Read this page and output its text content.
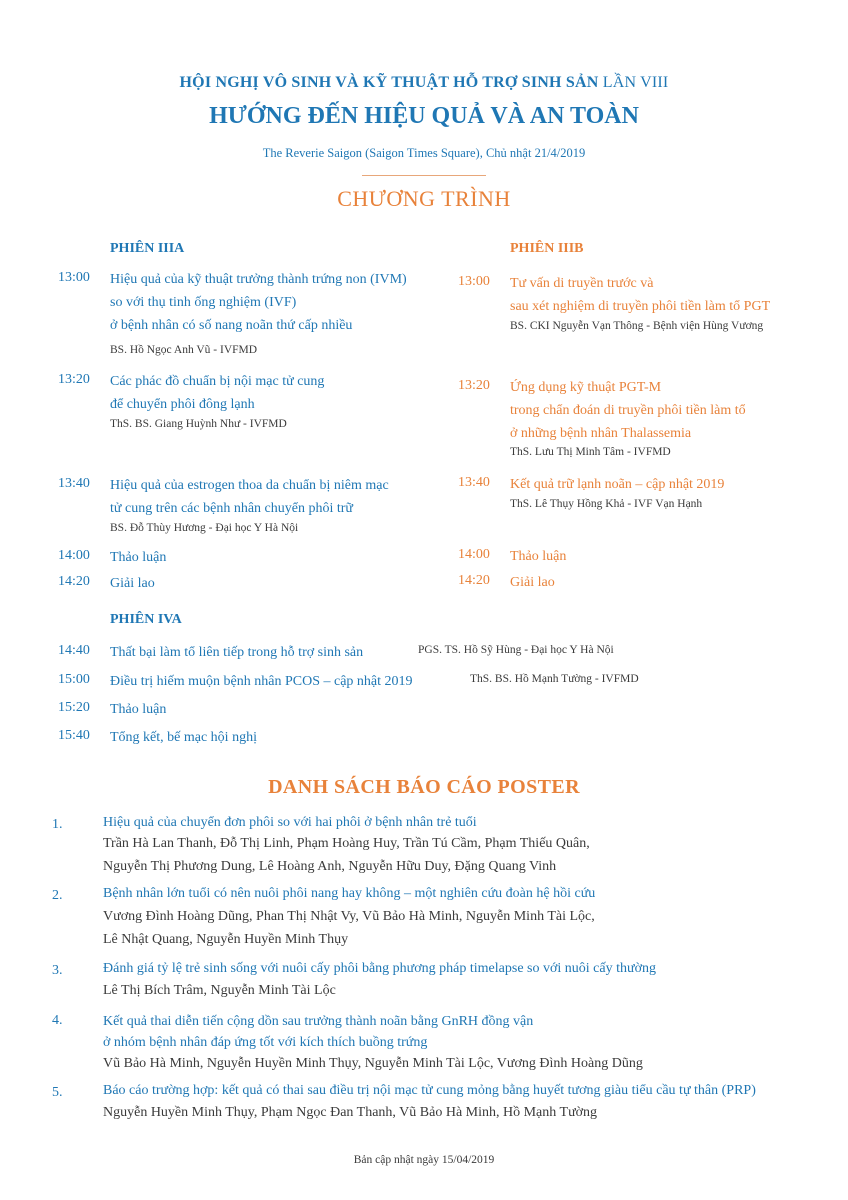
HỘI NGHỊ VÔ SINH VÀ KỸ THUẬT HỖ TRỢ SINH SẢN LẦN VIII
HƯỚNG ĐẾN HIỆU QUẢ VÀ AN TOÀN
The Reverie Saigon (Saigon Times Square), Chủ nhật 21/4/2019
CHƯƠNG TRÌNH
PHIÊN IIIA
13:00 Hiệu quả của kỹ thuật trưởng thành trứng non (IVM)
so với thụ tinh ống nghiệm (IVF)
ở bệnh nhân có số nang noãn thứ cấp nhiều
BS. Hồ Ngọc Anh Vũ - IVFMD
13:20 Các phác đồ chuẩn bị nội mạc tử cung
để chuyển phôi đông lạnh
ThS. BS. Giang Huỳnh Như - IVFMD
13:40 Hiệu quả của estrogen thoa da chuẩn bị niêm mạc
tử cung trên các bệnh nhân chuyển phôi trữ
BS. Đỗ Thùy Hương - Đại học Y Hà Nội
14:00 Thảo luận
14:20 Giải lao
PHIÊN IIIB
13:00 Tư vấn di truyền trước và
sau xét nghiệm di truyền phôi tiền làm tổ PGT
BS. CKI Nguyễn Vạn Thông - Bệnh viện Hùng Vương
13:20 Ứng dụng kỹ thuật PGT-M
trong chẩn đoán di truyền phôi tiền làm tổ
ở những bệnh nhân Thalassemia
ThS. Lưu Thị Minh Tâm - IVFMD
13:40 Kết quả trữ lạnh noãn – cập nhật 2019
ThS. Lê Thụy Hồng Khả - IVF Vạn Hạnh
14:00 Thảo luận
14:20 Giải lao
PHIÊN IVA
14:40 Thất bại làm tổ liên tiếp trong hỗ trợ sinh sản	PGS. TS. Hồ Sỹ Hùng - Đại học Y Hà Nội
15:00 Điều trị hiếm muộn bệnh nhân PCOS – cập nhật 2019	ThS. BS. Hồ Mạnh Tường - IVFMD
15:20 Thảo luận
15:40 Tổng kết, bế mạc hội nghị
DANH SÁCH BÁO CÁO POSTER
1.	Hiệu quả của chuyển đơn phôi so với hai phôi ở bệnh nhân trẻ tuổi
Trần Hà Lan Thanh, Đỗ Thị Linh, Phạm Hoàng Huy, Trần Tú Cầm, Phạm Thiếu Quân,
Nguyễn Thị Phương Dung, Lê Hoàng Anh, Nguyễn Hữu Duy, Đặng Quang Vinh
2.	Bệnh nhân lớn tuổi có nên nuôi phôi nang hay không – một nghiên cứu đoàn hệ hồi cứu
Vương Đình Hoàng Dũng, Phan Thị Nhật Vy, Vũ Bảo Hà Minh, Nguyễn Minh Tài Lộc,
Lê Nhật Quang, Nguyễn Huyền Minh Thụy
3.	Đánh giá tỷ lệ trẻ sinh sống với nuôi cấy phôi bằng phương pháp timelapse so với nuôi cấy thường
Lê Thị Bích Trâm, Nguyễn Minh Tài Lộc
4.	Kết quả thai diễn tiến cộng dồn sau trưởng thành noãn bằng GnRH đồng vận
ở nhóm bệnh nhân đáp ứng tốt với kích thích buồng trứng
Vũ Bảo Hà Minh, Nguyễn Huyền Minh Thụy, Nguyễn Minh Tài Lộc, Vương Đình Hoàng Dũng
5.	Báo cáo trường hợp: kết quả có thai sau điều trị nội mạc tử cung mỏng bằng huyết tương giàu tiểu cầu tự thân (PRP)
Nguyễn Huyền Minh Thụy, Phạm Ngọc Đan Thanh, Vũ Bảo Hà Minh, Hồ Mạnh Tường
Bản cập nhật ngày 15/04/2019
